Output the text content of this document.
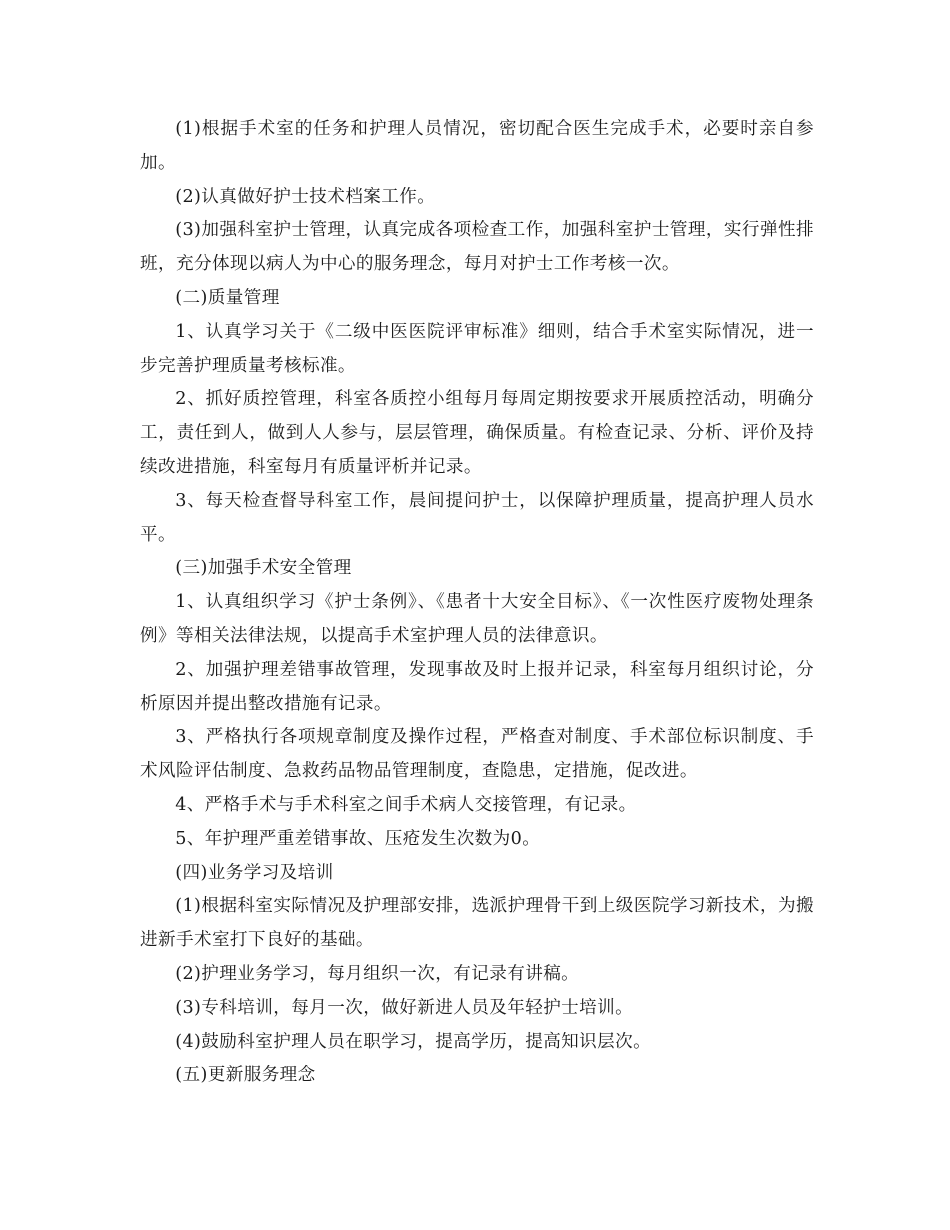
(1)根据手术室的任务和护理人员情况，密切配合医生完成手术，必要时亲自参加。

(2)认真做好护士技术档案工作。

(3)加强科室护士管理，认真完成各项检查工作，加强科室护士管理，实行弹性排班，充分体现以病人为中心的服务理念，每月对护士工作考核一次。

(二)质量管理

1、认真学习关于《二级中医医院评审标准》细则，结合手术室实际情况，进一步完善护理质量考核标准。

2、抓好质控管理，科室各质控小组每月每周定期按要求开展质控活动，明确分工，责任到人，做到人人参与，层层管理，确保质量。有检查记录、分析、评价及持续改进措施，科室每月有质量评析并记录。

3、每天检查督导科室工作，晨间提问护士，以保障护理质量，提高护理人员水平。

(三)加强手术安全管理

1、认真组织学习《护士条例》、《患者十大安全目标》、《一次性医疗废物处理条例》等相关法律法规，以提高手术室护理人员的法律意识。

2、加强护理差错事故管理，发现事故及时上报并记录，科室每月组织讨论，分析原因并提出整改措施有记录。

3、严格执行各项规章制度及操作过程，严格查对制度、手术部位标识制度、手术风险评估制度、急救药品物品管理制度，查隐患，定措施，促改进。

4、严格手术与手术科室之间手术病人交接管理，有记录。

5、年护理严重差错事故、压疮发生次数为0。

(四)业务学习及培训

(1)根据科室实际情况及护理部安排，选派护理骨干到上级医院学习新技术，为搬进新手术室打下良好的基础。

(2)护理业务学习，每月组织一次，有记录有讲稿。

(3)专科培训，每月一次，做好新进人员及年轻护士培训。

(4)鼓励科室护理人员在职学习，提高学历，提高知识层次。

(五)更新服务理念
